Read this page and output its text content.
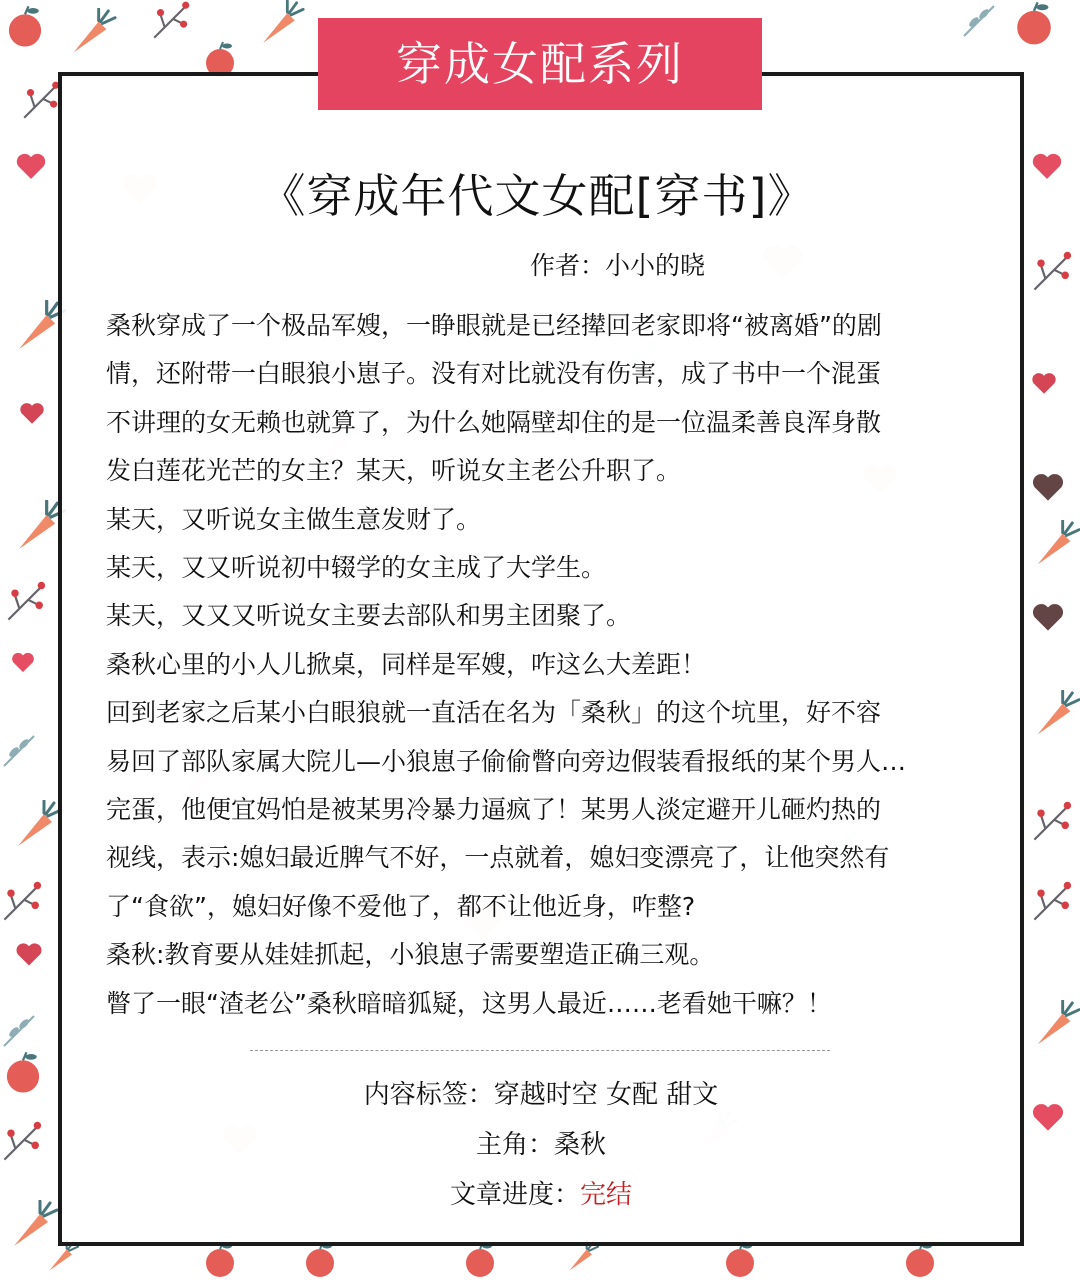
穿成女配系列
《穿成年代文女配[穿书]》
作者：小小的晓

桑秋穿成了一个极品军嫂，一睁眼就是已经撵回老家即将“被离婚”的剧

情，还附带一白眼狼小崽子。没有对比就没有伤害，成了书中一个混蛋

不讲理的女无赖也就算了，为什么她隔壁却住的是一位温柔善良浑身散

发白莲花光芒的女主？某天，听说女主老公升职了。

某天，又听说女主做生意发财了。

某天，又又听说初中辍学的女主成了大学生。

某天，又又又听说女主要去部队和男主团聚了。

桑秋心里的小人儿掀桌，同样是军嫂，咋这么大差距！

回到老家之后某小白眼狼就一直活在名为「桑秋」的这个坑里，好不容

易回了部队家属大院儿—小狼崽子偷偷瞥向旁边假装看报纸的某个男人…

完蛋，他便宜妈怕是被某男冷暴力逼疯了！某男人淡定避开儿砸灼热的

视线，表示:媳妇最近脾气不好，一点就着，媳妇变漂亮了，让他突然有

了“食欲”，媳妇好像不爱他了，都不让他近身，咋整?

桑秋:教育要从娃娃抓起，小狼崽子需要塑造正确三观。

瞥了一眼“渣老公”桑秋暗暗狐疑，这男人最近……老看她干嘛？！

内容标签：穿越时空 女配 甜文
主角：桑秋
文章进度：完结
